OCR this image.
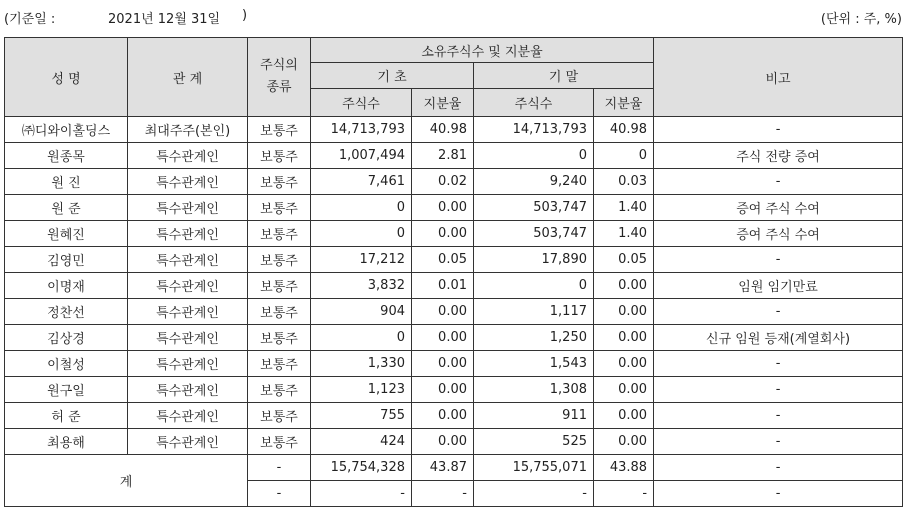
(기준일 :	2021년 12월 31일 )	(단위 : 주, %)
성 명	관 계	주식의 종류	소유주식수 및 지분율				비고
			기 초		기 말		
			주식수	지분율	주식수	지분율	
㈜디와이홀딩스	최대주주(본인)	보통주	14,713,793	40.98	14,713,793	40.98	-
원종목	특수관계인	보통주	1,007,494	2.81	0	0	주식 전량 증여
원 진	특수관계인	보통주	7,461	0.02	9,240	0.03	-
원 준	특수관계인	보통주	0	0.00	503,747	1.40	증여 주식 수여
원혜진	특수관계인	보통주	0	0.00	503,747	1.40	증여 주식 수여
김영민	특수관계인	보통주	17,212	0.05	17,890	0.05	-
이명재	특수관계인	보통주	3,832	0.01	0	0.00	임원 임기만료
정찬선	특수관계인	보통주	904	0.00	1,117	0.00	-
김상경	특수관계인	보통주	0	0.00	1,250	0.00	신규 임원 등재(계열회사)
이철성	특수관계인	보통주	1,330	0.00	1,543	0.00	-
원구일	특수관계인	보통주	1,123	0.00	1,308	0.00	-
허 준	특수관계인	보통주	755	0.00	911	0.00	-
최용해	특수관계인	보통주	424	0.00	525	0.00	-
계		-	15,754,328	43.87	15,755,071	43.88	-
		-	-	-	-	-	-
